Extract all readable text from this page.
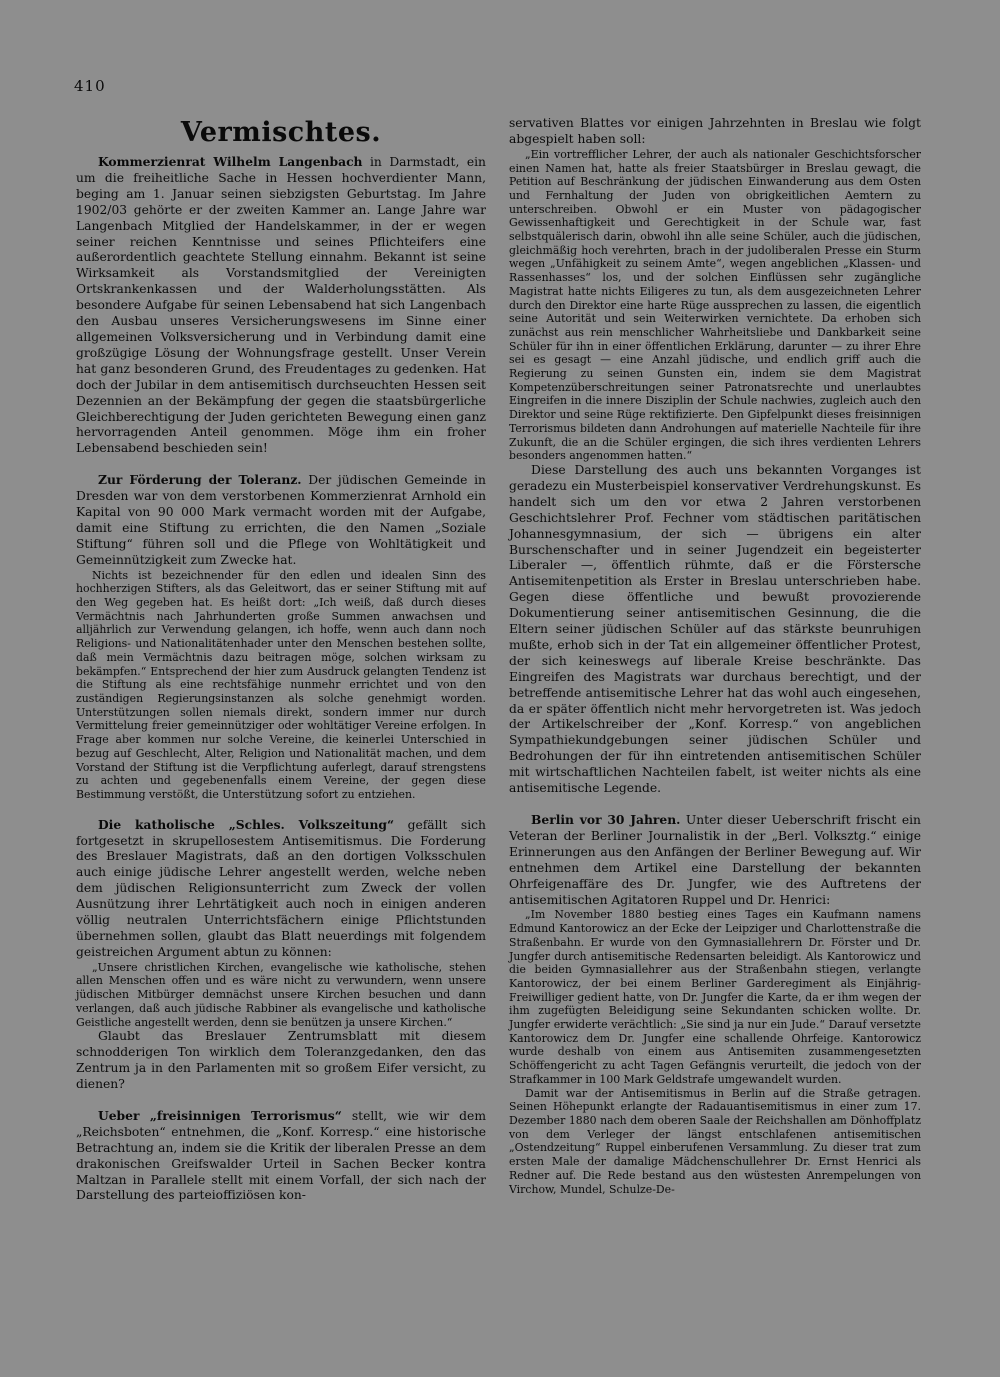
410
Vermischtes.

Kommerzienrat Wilhelm Langenbach in Darmstadt, ein um die freiheitliche Sache in Hessen hochverdienter Mann, beging am 1. Januar seinen siebzigsten Geburtstag. Im Jahre 1902/03 gehörte er der zweiten Kammer an. Lange Jahre war Langenbach Mitglied der Handelskammer, in der er wegen seiner reichen Kenntnisse und seines Pflichteifers eine außerordentlich geachtete Stellung einnahm. Bekannt ist seine Wirksamkeit als Vorstandsmitglied der Vereinigten Ortskrankenkassen und der Walderholungsstätten. Als besondere Aufgabe für seinen Lebensabend hat sich Langenbach den Ausbau unseres Versicherungswesens im Sinne einer allgemeinen Volksversicherung und in Verbindung damit eine großzügige Lösung der Wohnungsfrage gestellt. Unser Verein hat ganz besonderen Grund, des Freudentages zu gedenken. Hat doch der Jubilar in dem antisemitisch durchseuchten Hessen seit Dezennien an der Bekämpfung der gegen die staatsbürgerliche Gleichberechtigung der Juden gerichteten Bewegung einen ganz hervorragenden Anteil genommen. Möge ihm ein froher Lebensabend beschieden sein!

Zur Förderung der Toleranz. Der jüdischen Gemeinde in Dresden war von dem verstorbenen Kommerzienrat Arnhold ein Kapital von 90 000 Mark vermacht worden mit der Aufgabe, damit eine Stiftung zu errichten, die den Namen „Soziale Stiftung“ führen soll und die Pflege von Wohltätigkeit und Gemeinnützigkeit zum Zwecke hat.

Nichts ist bezeichnender für den edlen und idealen Sinn des hochherzigen Stifters, als das Geleitwort, das er seiner Stiftung mit auf den Weg gegeben hat. Es heißt dort: „Ich weiß, daß durch dieses Vermächtnis nach Jahrhunderten große Summen anwachsen und alljährlich zur Verwendung gelangen, ich hoffe, wenn auch dann noch Religions- und Nationalitätenhader unter den Menschen bestehen sollte, daß mein Vermächtnis dazu beitragen möge, solchen wirksam zu bekämpfen.“ Entsprechend der hier zum Ausdruck gelangten Tendenz ist die Stiftung als eine rechtsfähige nunmehr errichtet und von den zuständigen Regierungsinstanzen als solche genehmigt worden. Unterstützungen sollen niemals direkt, sondern immer nur durch Vermittelung freier gemeinnütziger oder wohltätiger Vereine erfolgen. In Frage aber kommen nur solche Vereine, die keinerlei Unterschied in bezug auf Geschlecht, Alter, Religion und Nationalität machen, und dem Vorstand der Stiftung ist die Verpflichtung auferlegt, darauf strengstens zu achten und gegebenenfalls einem Vereine, der gegen diese Bestimmung verstößt, die Unterstützung sofort zu entziehen.

Die katholische „Schles. Volkszeitung“ gefällt sich fortgesetzt in skrupellosestem Antisemitismus. Die Forderung des Breslauer Magistrats, daß an den dortigen Volksschulen auch einige jüdische Lehrer angestellt werden, welche neben dem jüdischen Religionsunterricht zum Zweck der vollen Ausnützung ihrer Lehrtätigkeit auch noch in einigen anderen völlig neutralen Unterrichtsfächern einige Pflichtstunden übernehmen sollen, glaubt das Blatt neuerdings mit folgendem geistreichen Argument abtun zu können:

„Unsere christlichen Kirchen, evangelische wie katholische, stehen allen Menschen offen und es wäre nicht zu verwundern, wenn unsere jüdischen Mitbürger demnächst unsere Kirchen besuchen und dann verlangen, daß auch jüdische Rabbiner als evangelische und katholische Geistliche angestellt werden, denn sie benützen ja unsere Kirchen.“

Glaubt das Breslauer Zentrumsblatt mit diesem schnodderigen Ton wirklich dem Toleranzgedanken, den das Zentrum ja in den Parlamenten mit so großem Eifer versicht, zu dienen?

Ueber „freisinnigen Terrorismus“ stellt, wie wir dem „Reichsboten“ entnehmen, die „Konf. Korresp.“ eine historische Betrachtung an, indem sie die Kritik der liberalen Presse an dem drakonischen Greifswalder Urteil in Sachen Becker kontra Maltzan in Parallele stellt mit einem Vorfall, der sich nach der Darstellung des parteioffiziösen kon-

servativen Blattes vor einigen Jahrzehnten in Breslau wie folgt abgespielt haben soll:

„Ein vortrefflicher Lehrer, der auch als nationaler Geschichtsforscher einen Namen hat, hatte als freier Staatsbürger in Breslau gewagt, die Petition auf Beschränkung der jüdischen Einwanderung aus dem Osten und Fernhaltung der Juden von obrigkeitlichen Aemtern zu unterschreiben. Obwohl er ein Muster von pädagogischer Gewissenhaftigkeit und Gerechtigkeit in der Schule war, fast selbstquälerisch darin, obwohl ihn alle seine Schüler, auch die jüdischen, gleichmäßig hoch verehrten, brach in der judoliberalen Presse ein Sturm wegen „Unfähigkeit zu seinem Amte“, wegen angeblichen „Klassen- und Rassenhasses“ los, und der solchen Einflüssen sehr zugängliche Magistrat hatte nichts Eiligeres zu tun, als dem ausgezeichneten Lehrer durch den Direktor eine harte Rüge aussprechen zu lassen, die eigentlich seine Autorität und sein Weiterwirken vernichtete. Da erhoben sich zunächst aus rein menschlicher Wahrheitsliebe und Dankbarkeit seine Schüler für ihn in einer öffentlichen Erklärung, darunter — zu ihrer Ehre sei es gesagt — eine Anzahl jüdische, und endlich griff auch die Regierung zu seinen Gunsten ein, indem sie dem Magistrat Kompetenzüberschreitungen seiner Patronatsrechte und unerlaubtes Eingreifen in die innere Disziplin der Schule nachwies, zugleich auch den Direktor und seine Rüge rektifizierte. Den Gipfelpunkt dieses freisinnigen Terrorismus bildeten dann Androhungen auf materielle Nachteile für ihre Zukunft, die an die Schüler ergingen, die sich ihres verdienten Lehrers besonders angenommen hatten.“

Diese Darstellung des auch uns bekannten Vorganges ist geradezu ein Musterbeispiel konservativer Verdrehungskunst. Es handelt sich um den vor etwa 2 Jahren verstorbenen Geschichtslehrer Prof. Fechner vom städtischen paritätischen Johannesgymnasium, der sich — übrigens ein alter Burschenschafter und in seiner Jugendzeit ein begeisterter Liberaler —, öffentlich rühmte, daß er die Förstersche Antisemitenpetition als Erster in Breslau unterschrieben habe. Gegen diese öffentliche und bewußt provozierende Dokumentierung seiner antisemitischen Gesinnung, die die Eltern seiner jüdischen Schüler auf das stärkste beunruhigen mußte, erhob sich in der Tat ein allgemeiner öffentlicher Protest, der sich keineswegs auf liberale Kreise beschränkte. Das Eingreifen des Magistrats war durchaus berechtigt, und der betreffende antisemitische Lehrer hat das wohl auch eingesehen, da er später öffentlich nicht mehr hervorgetreten ist. Was jedoch der Artikelschreiber der „Konf. Korresp.“ von angeblichen Sympathiekundgebungen seiner jüdischen Schüler und Bedrohungen der für ihn eintretenden antisemitischen Schüler mit wirtschaftlichen Nachteilen fabelt, ist weiter nichts als eine antisemitische Legende.

Berlin vor 30 Jahren. Unter dieser Ueberschrift frischt ein Veteran der Berliner Journalistik in der „Berl. Volksztg.“ einige Erinnerungen aus den Anfängen der Berliner Bewegung auf. Wir entnehmen dem Artikel eine Darstellung der bekannten Ohrfeigenaffäre des Dr. Jungfer, wie des Auftretens der antisemitischen Agitatoren Ruppel und Dr. Henrici:

„Im November 1880 bestieg eines Tages ein Kaufmann namens Edmund Kantorowicz an der Ecke der Leipziger und Charlottenstraße die Straßenbahn. Er wurde von den Gymnasiallehrern Dr. Förster und Dr. Jungfer durch antisemitische Redensarten beleidigt. Als Kantorowicz und die beiden Gymnasiallehrer aus der Straßenbahn stiegen, verlangte Kantorowicz, der bei einem Berliner Garderegiment als Einjährig-Freiwilliger gedient hatte, von Dr. Jungfer die Karte, da er ihm wegen der ihm zugefügten Beleidigung seine Sekundanten schicken wollte. Dr. Jungfer erwiderte verächtlich: „Sie sind ja nur ein Jude.“ Darauf versetzte Kantorowicz dem Dr. Jungfer eine schallende Ohrfeige. Kantorowicz wurde deshalb von einem aus Antisemiten zusammengesetzten Schöffengericht zu acht Tagen Gefängnis verurteilt, die jedoch von der Strafkammer in 100 Mark Geldstrafe umgewandelt wurden.

Damit war der Antisemitismus in Berlin auf die Straße getragen. Seinen Höhepunkt erlangte der Radauantisemitismus in einer zum 17. Dezember 1880 nach dem oberen Saale der Reichshallen am Dönhoffplatz von dem Verleger der längst entschlafenen antisemitischen „Ostendzeitung“ Ruppel einberufenen Versammlung. Zu dieser trat zum ersten Male der damalige Mädchenschullehrer Dr. Ernst Henrici als Redner auf. Die Rede bestand aus den wüstesten Anrempelungen von Virchow, Mundel, Schulze-De-
